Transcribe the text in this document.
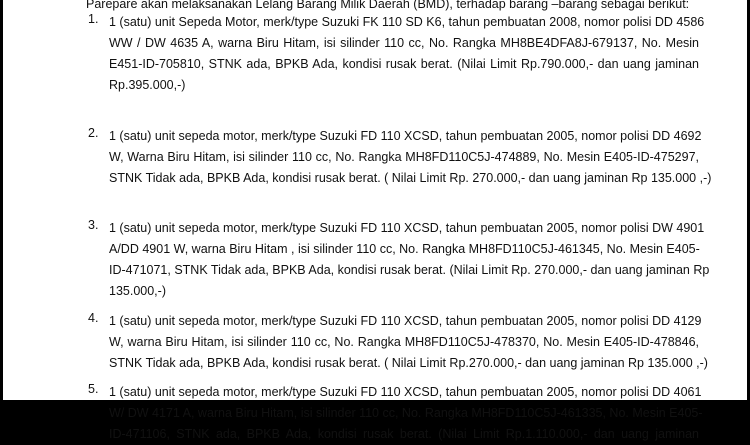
Parepare akan melaksanakan Lelang Barang Milik Daerah (BMD), terhadap barang –barang sebagai berikut:
1. 1 (satu) unit Sepeda Motor, merk/type Suzuki FK 110 SD K6, tahun pembuatan 2008, nomor polisi DD 4586
WW / DW 4635 A, warna Biru Hitam, isi silinder 110 cc, No. Rangka MH8BE4DFA8J-679137, No. Mesin
E451-ID-705810, STNK ada, BPKB Ada, kondisi rusak berat. (Nilai Limit Rp.790.000,- dan uang jaminan
Rp.395.000,-)
2. 1 (satu) unit sepeda motor, merk/type Suzuki FD 110 XCSD, tahun pembuatan 2005, nomor polisi DD 4692
W, Warna Biru Hitam, isi silinder 110 cc, No. Rangka MH8FD110C5J-474889, No. Mesin E405-ID-475297,
STNK Tidak ada, BPKB Ada, kondisi rusak berat. ( Nilai Limit Rp. 270.000,- dan uang jaminan Rp 135.000 ,-)
3. 1 (satu) unit sepeda motor, merk/type Suzuki FD 110 XCSD, tahun pembuatan 2005, nomor polisi DW 4901
A/DD 4901 W, warna Biru Hitam , isi silinder 110 cc, No. Rangka MH8FD110C5J-461345, No. Mesin E405-
ID-471071, STNK Tidak ada, BPKB Ada, kondisi rusak berat. (Nilai Limit Rp. 270.000,- dan uang jaminan Rp
135.000,-)
4. 1 (satu) unit sepeda motor, merk/type Suzuki FD 110 XCSD, tahun pembuatan 2005, nomor polisi DD 4129
W, warna Biru Hitam, isi silinder 110 cc, No. Rangka MH8FD110C5J-478370, No. Mesin E405-ID-478846,
STNK Tidak ada, BPKB Ada, kondisi rusak berat. ( Nilai Limit Rp.270.000,- dan uang jaminan Rp 135.000 ,-)
5. 1 (satu) unit sepeda motor, merk/type Suzuki FD 110 XCSD, tahun pembuatan 2005, nomor polisi DD 4061
W/ DW 4171 A, warna Biru Hitam, isi silinder 110 cc, No. Rangka MH8FD110C5J-461335, No. Mesin E405-
ID-471106, STNK ada, BPKB Ada, kondisi rusak berat. (Nilai Limit Rp.1.110.000,- dan uang jaminan
